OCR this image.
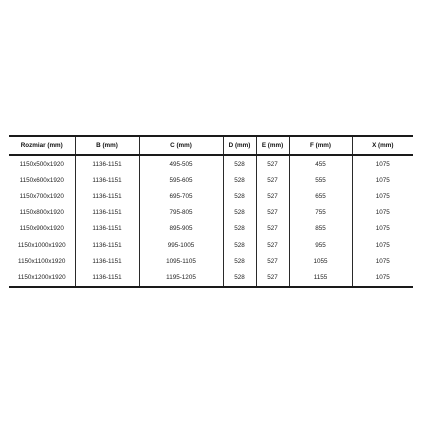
Rozmiar (mm)	B (mm)	C (mm)	D (mm)	E (mm)	F (mm)	X (mm)
1150x500x1920	1136-1151	495-505	528	527	455	1075
1150x600x1920	1136-1151	595-605	528	527	555	1075
1150x700x1920	1136-1151	695-705	528	527	655	1075
1150x800x1920	1136-1151	795-805	528	527	755	1075
1150x900x1920	1136-1151	895-905	528	527	855	1075
1150x1000x1920	1136-1151	995-1005	528	527	955	1075
1150x1100x1920	1136-1151	1095-1105	528	527	1055	1075
1150x1200x1920	1136-1151	1195-1205	528	527	1155	1075
